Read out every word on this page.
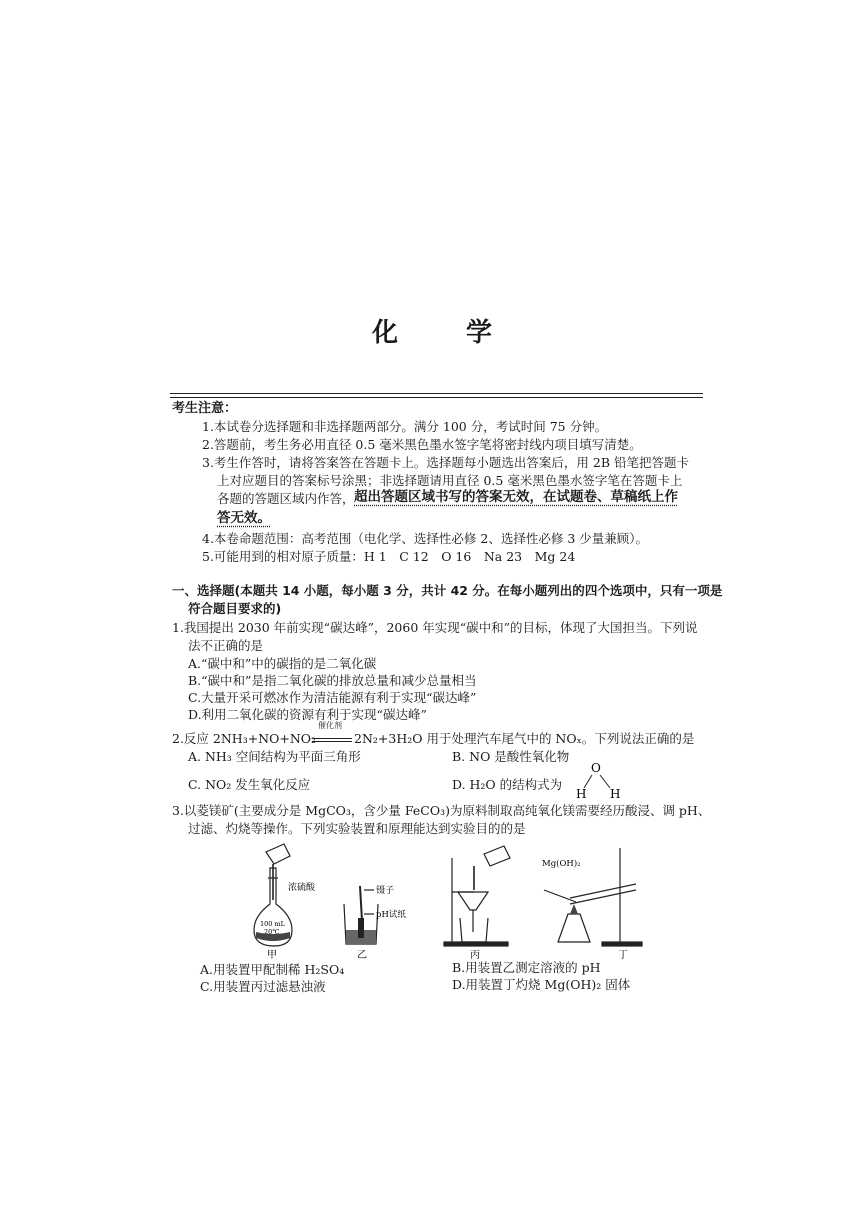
化 学
考生注意：
1.本试卷分选择题和非选择题两部分。满分 100 分，考试时间 75 分钟。
2.答题前，考生务必用直径 0.5 毫米黑色墨水签字笔将密封线内项目填写清楚。
3.考生作答时，请将答案答在答题卡上。选择题每小题选出答案后，用 2B 铅笔把答题卡
上对应题目的答案标号涂黑；非选择题请用直径 0.5 毫米黑色墨水签字笔在答题卡上
各题的答题区域内作答， 超出答题区域书写的答案无效，在试题卷、草稿纸上作
答无效。
4.本卷命题范围：高考范围（电化学、选择性必修 2、选择性必修 3 少量兼顾）。
5.可能用到的相对原子质量：H 1　C 12　O 16　Na 23　Mg 24
一、选择题(本题共 14 小题，每小题 3 分，共计 42 分。在每小题列出的四个选项中，只有一项是
符合题目要求的)
1.我国提出 2030 年前实现“碳达峰”，2060 年实现“碳中和”的目标，体现了大国担当。下列说
法不正确的是
A.“碳中和”中的碳指的是二氧化碳
B.“碳中和”是指二氧化碳的排放总量和减少总量相当
C.大量开采可燃冰作为清洁能源有利于实现“碳达峰”
D.利用二氧化碳的资源有利于实现“碳达峰”
2.反应 2NH₃+NO+NO₂
催化剂
2N₂+3H₂O 用于处理汽车尾气中的 NOₓ。下列说法正确的是
A. NH₃ 空间结构为平面三角形	B. NO 是酸性氧化物
C. NO₂ 发生氧化反应	D. H₂O 的结构式为
O
H H
3.以菱镁矿(主要成分是 MgCO₃，含少量 FeCO₃)为原料制取高纯氧化镁需要经历酸浸、调 pH、
过滤、灼烧等操作。下列实验装置和原理能达到实验目的的是
浓硫酸
100 mL
20℃
甲
镊子
pH试纸
乙	丙
Mg(OH)₂
丁
A.用装置甲配制稀 H₂SO₄	B.用装置乙测定溶液的 pH
C.用装置丙过滤悬浊液	D.用装置丁灼烧 Mg(OH)₂ 固体
